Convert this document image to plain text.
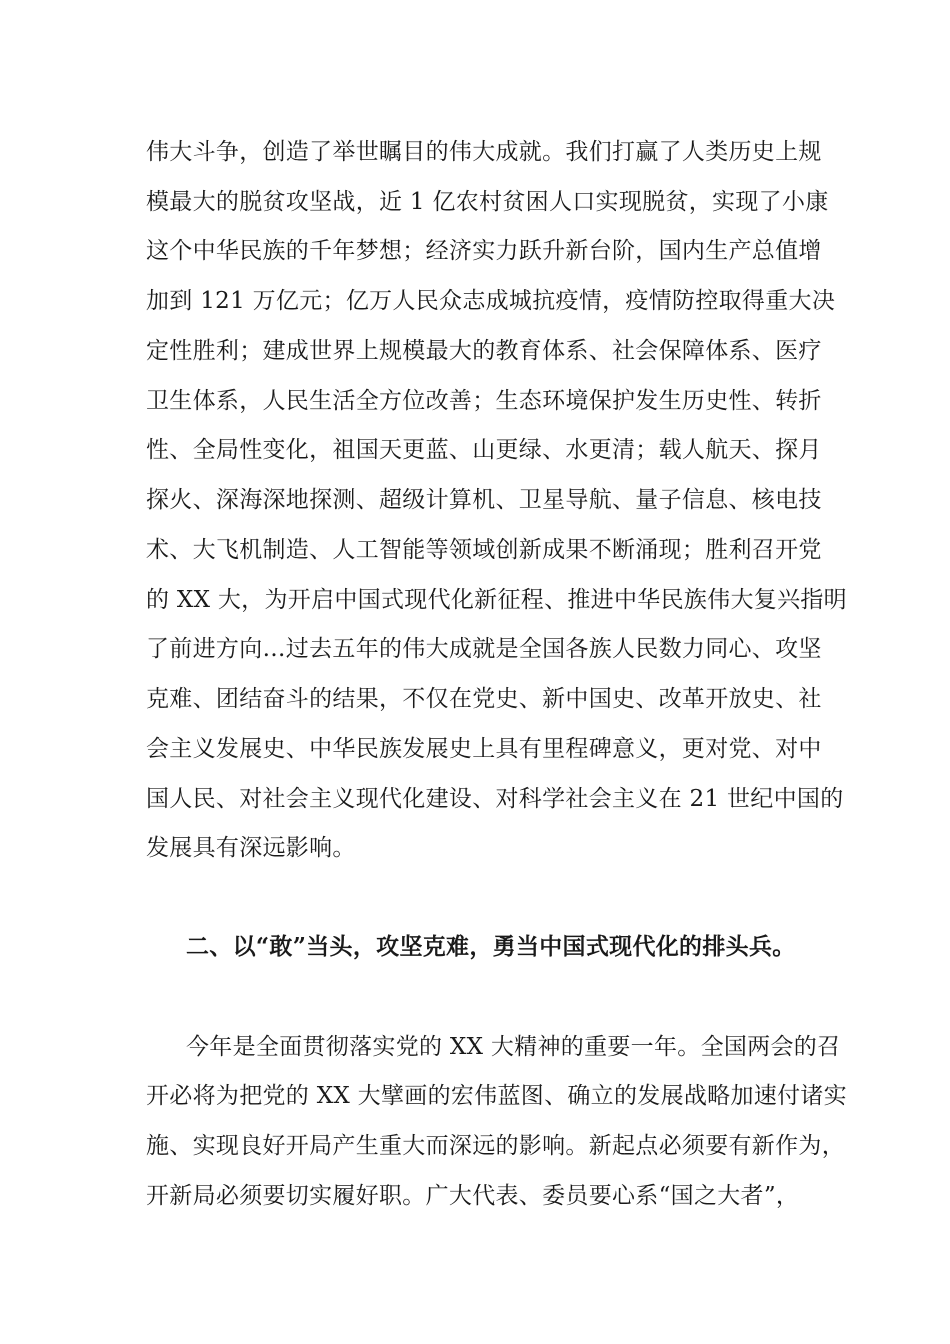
伟大斗争，创造了举世瞩目的伟大成就。我们打赢了人类历史上规
模最大的脱贫攻坚战，近 1 亿农村贫困人口实现脱贫，实现了小康
这个中华民族的千年梦想；经济实力跃升新台阶，国内生产总值增
加到 121 万亿元；亿万人民众志成城抗疫情，疫情防控取得重大决
定性胜利；建成世界上规模最大的教育体系、社会保障体系、医疗
卫生体系，人民生活全方位改善；生态环境保护发生历史性、转折
性、全局性变化，祖国天更蓝、山更绿、水更清；载人航天、探月
探火、深海深地探测、超级计算机、卫星导航、量子信息、核电技
术、大飞机制造、人工智能等领域创新成果不断涌现；胜利召开党
的 XX 大，为开启中国式现代化新征程、推进中华民族伟大复兴指明
了前进方向…过去五年的伟大成就是全国各族人民数力同心、攻坚
克难、团结奋斗的结果，不仅在党史、新中国史、改革开放史、社
会主义发展史、中华民族发展史上具有里程碑意义，更对党、对中
国人民、对社会主义现代化建设、对科学社会主义在 21 世纪中国的
发展具有深远影响。
二、以“敢”当头，攻坚克难，勇当中国式现代化的排头兵。
今年是全面贯彻落实党的 XX 大精神的重要一年。全国两会的召
开必将为把党的 XX 大擘画的宏伟蓝图、确立的发展战略加速付诸实
施、实现良好开局产生重大而深远的影响。新起点必须要有新作为，
开新局必须要切实履好职。广大代表、委员要心系“国之大者”，
